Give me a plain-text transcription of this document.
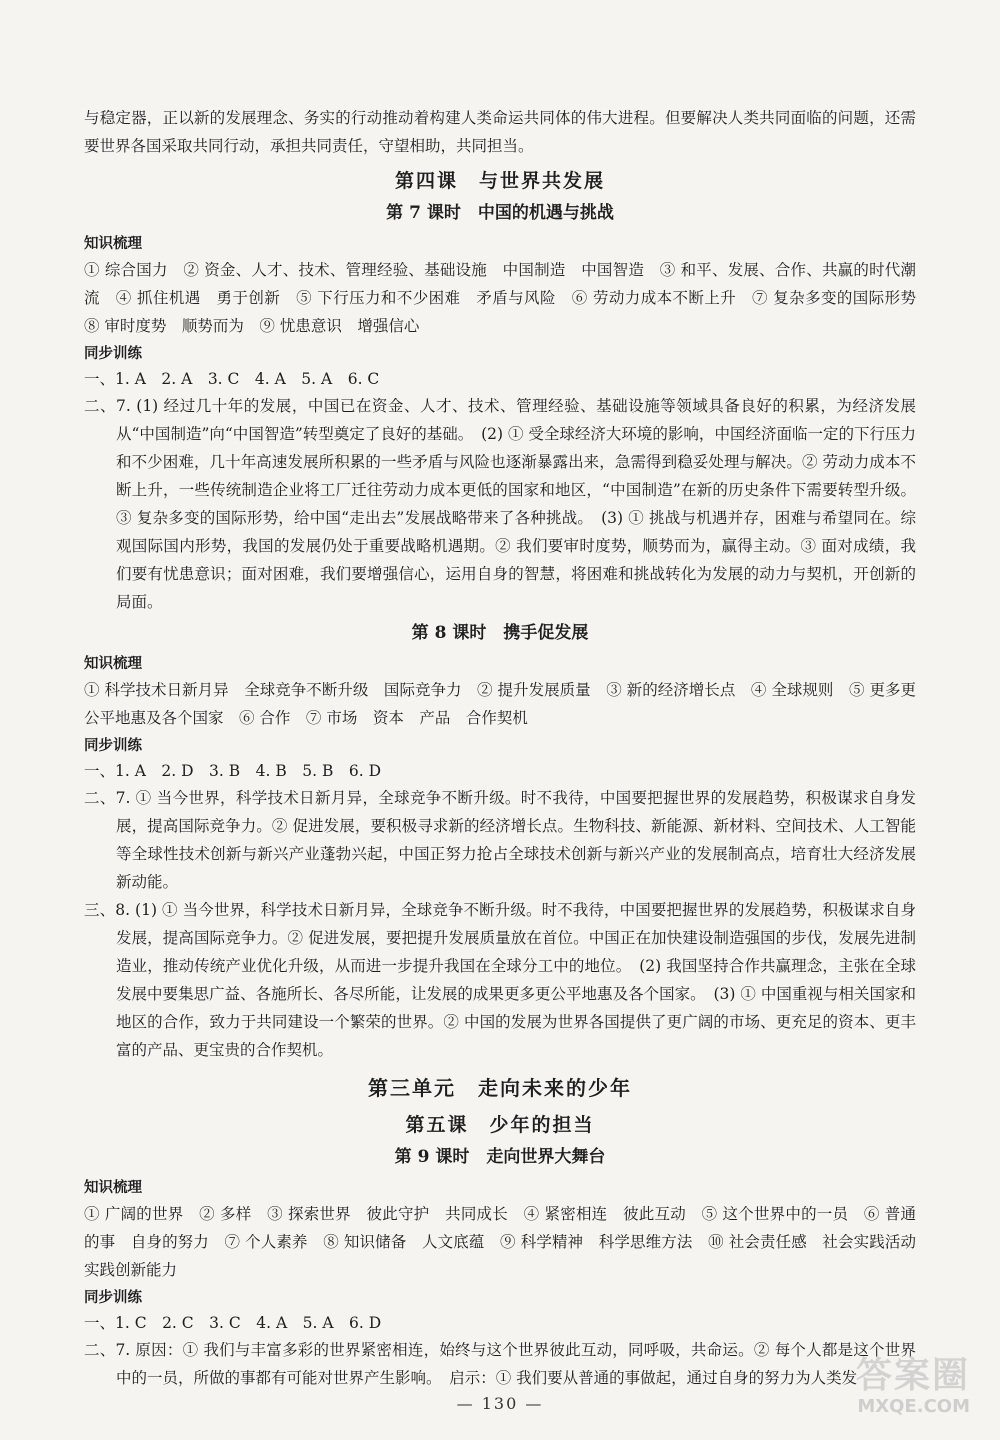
与稳定器，正以新的发展理念、务实的行动推动着构建人类命运共同体的伟大进程。但要解决人类共同面临的问题，还需要世界各国采取共同行动，承担共同责任，守望相助，共同担当。

第四课　与世界共发展
第 7 课时　中国的机遇与挑战
知识梳理

① 综合国力　② 资金、人才、技术、管理经验、基础设施　中国制造　中国智造　③ 和平、发展、合作、共赢的时代潮流　④ 抓住机遇　勇于创新　⑤ 下行压力和不少困难　矛盾与风险　⑥ 劳动力成本不断上升　⑦ 复杂多变的国际形势　⑧ 审时度势　顺势而为　⑨ 忧患意识　增强信心

同步训练

一、1. A　2. A　3. C　4. A　5. A　6. C

二、7. (1) 经过几十年的发展，中国已在资金、人才、技术、管理经验、基础设施等领域具备良好的积累，为经济发展从“中国制造”向“中国智造”转型奠定了良好的基础。　(2) ① 受全球经济大环境的影响，中国经济面临一定的下行压力和不少困难，几十年高速发展所积累的一些矛盾与风险也逐渐暴露出来，急需得到稳妥处理与解决。② 劳动力成本不断上升，一些传统制造企业将工厂迁往劳动力成本更低的国家和地区，“中国制造”在新的历史条件下需要转型升级。③ 复杂多变的国际形势，给中国“走出去”发展战略带来了各种挑战。　(3) ① 挑战与机遇并存，困难与希望同在。综观国际国内形势，我国的发展仍处于重要战略机遇期。② 我们要审时度势，顺势而为，赢得主动。③ 面对成绩，我们要有忧患意识；面对困难，我们要增强信心，运用自身的智慧，将困难和挑战转化为发展的动力与契机，开创新的局面。

第 8 课时　携手促发展
知识梳理

① 科学技术日新月异　全球竞争不断升级　国际竞争力　② 提升发展质量　③ 新的经济增长点　④ 全球规则　⑤ 更多更公平地惠及各个国家　⑥ 合作　⑦ 市场　资本　产品　合作契机

同步训练

一、1. A　2. D　3. B　4. B　5. B　6. D

二、7. ① 当今世界，科学技术日新月异，全球竞争不断升级。时不我待，中国要把握世界的发展趋势，积极谋求自身发展，提高国际竞争力。② 促进发展，要积极寻求新的经济增长点。生物科技、新能源、新材料、空间技术、人工智能等全球性技术创新与新兴产业蓬勃兴起，中国正努力抢占全球技术创新与新兴产业的发展制高点，培育壮大经济发展新动能。

三、8. (1) ① 当今世界，科学技术日新月异，全球竞争不断升级。时不我待，中国要把握世界的发展趋势，积极谋求自身发展，提高国际竞争力。② 促进发展，要把提升发展质量放在首位。中国正在加快建设制造强国的步伐，发展先进制造业，推动传统产业优化升级，从而进一步提升我国在全球分工中的地位。　(2) 我国坚持合作共赢理念，主张在全球发展中要集思广益、各施所长、各尽所能，让发展的成果更多更公平地惠及各个国家。　(3) ① 中国重视与相关国家和地区的合作，致力于共同建设一个繁荣的世界。② 中国的发展为世界各国提供了更广阔的市场、更充足的资本、更丰富的产品、更宝贵的合作契机。

第三单元　走向未来的少年
第五课　少年的担当
第 9 课时　走向世界大舞台
知识梳理

① 广阔的世界　② 多样　③ 探索世界　彼此守护　共同成长　④ 紧密相连　彼此互动　⑤ 这个世界中的一员　⑥ 普通的事　自身的努力　⑦ 个人素养　⑧ 知识储备　人文底蕴　⑨ 科学精神　科学思维方法　⑩ 社会责任感　社会实践活动　实践创新能力

同步训练

一、1. C　2. C　3. C　4. A　5. A　6. D

二、7. 原因：① 我们与丰富多彩的世界紧密相连，始终与这个世界彼此互动，同呼吸，共命运。② 每个人都是这个世界中的一员，所做的事都有可能对世界产生影响。　启示：① 我们要从普通的事做起，通过自身的努力为人类发

— 130 —
答案圈
MXQE.COM
